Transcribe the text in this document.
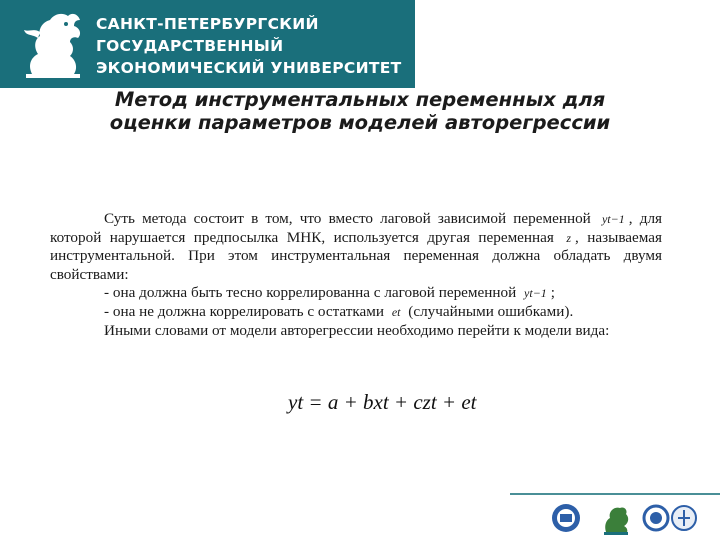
САНКТ-ПЕТЕРБУРГСКИЙ
ГОСУДАРСТВЕННЫЙ
ЭКОНОМИЧЕСКИЙ УНИВЕРСИТЕТ
Метод инструментальных переменных для
оценки параметров моделей авторегрессии

Суть метода состоит в том, что вместо лаговой зависимой переменной yt−1 , для которой нарушается предпосылка МНК, используется другая переменная z , называемая инструментальной. При этом инструментальная переменная должна обладать двумя свойствами:

- она должна быть тесно коррелированна с лаговой переменной yt−1 ;

- она не должна коррелировать с остатками et (случайными ошибками).

Иными словами от модели авторегрессии необходимо перейти к модели вида:

yt = a + bxt + czt + et
